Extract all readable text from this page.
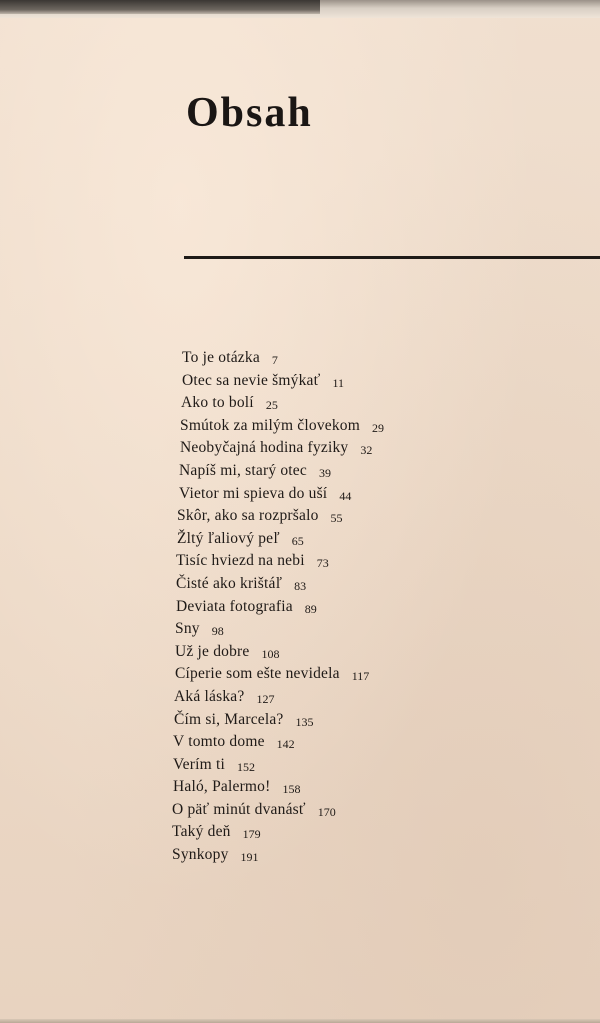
Obsah
To je otázka 7
Otec sa nevie šmýkať 11
Ako to bolí 25
Smútok za milým človekom 29
Neobyčajná hodina fyziky 32
Napíš mi, starý otec 39
Vietor mi spieva do uší 44
Skôr, ako sa rozpršalo 55
Žltý ľaliový peľ 65
Tisíc hviezd na nebi 73
Čisté ako krištáľ 83
Deviata fotografia 89
Sny 98
Už je dobre 108
Cíperie som ešte nevidela 117
Aká láska? 127
Čím si, Marcela? 135
V tomto dome 142
Verím ti 152
Haló, Palermo! 158
O päť minút dvanásť 170
Taký deň 179
Synkopy 191
